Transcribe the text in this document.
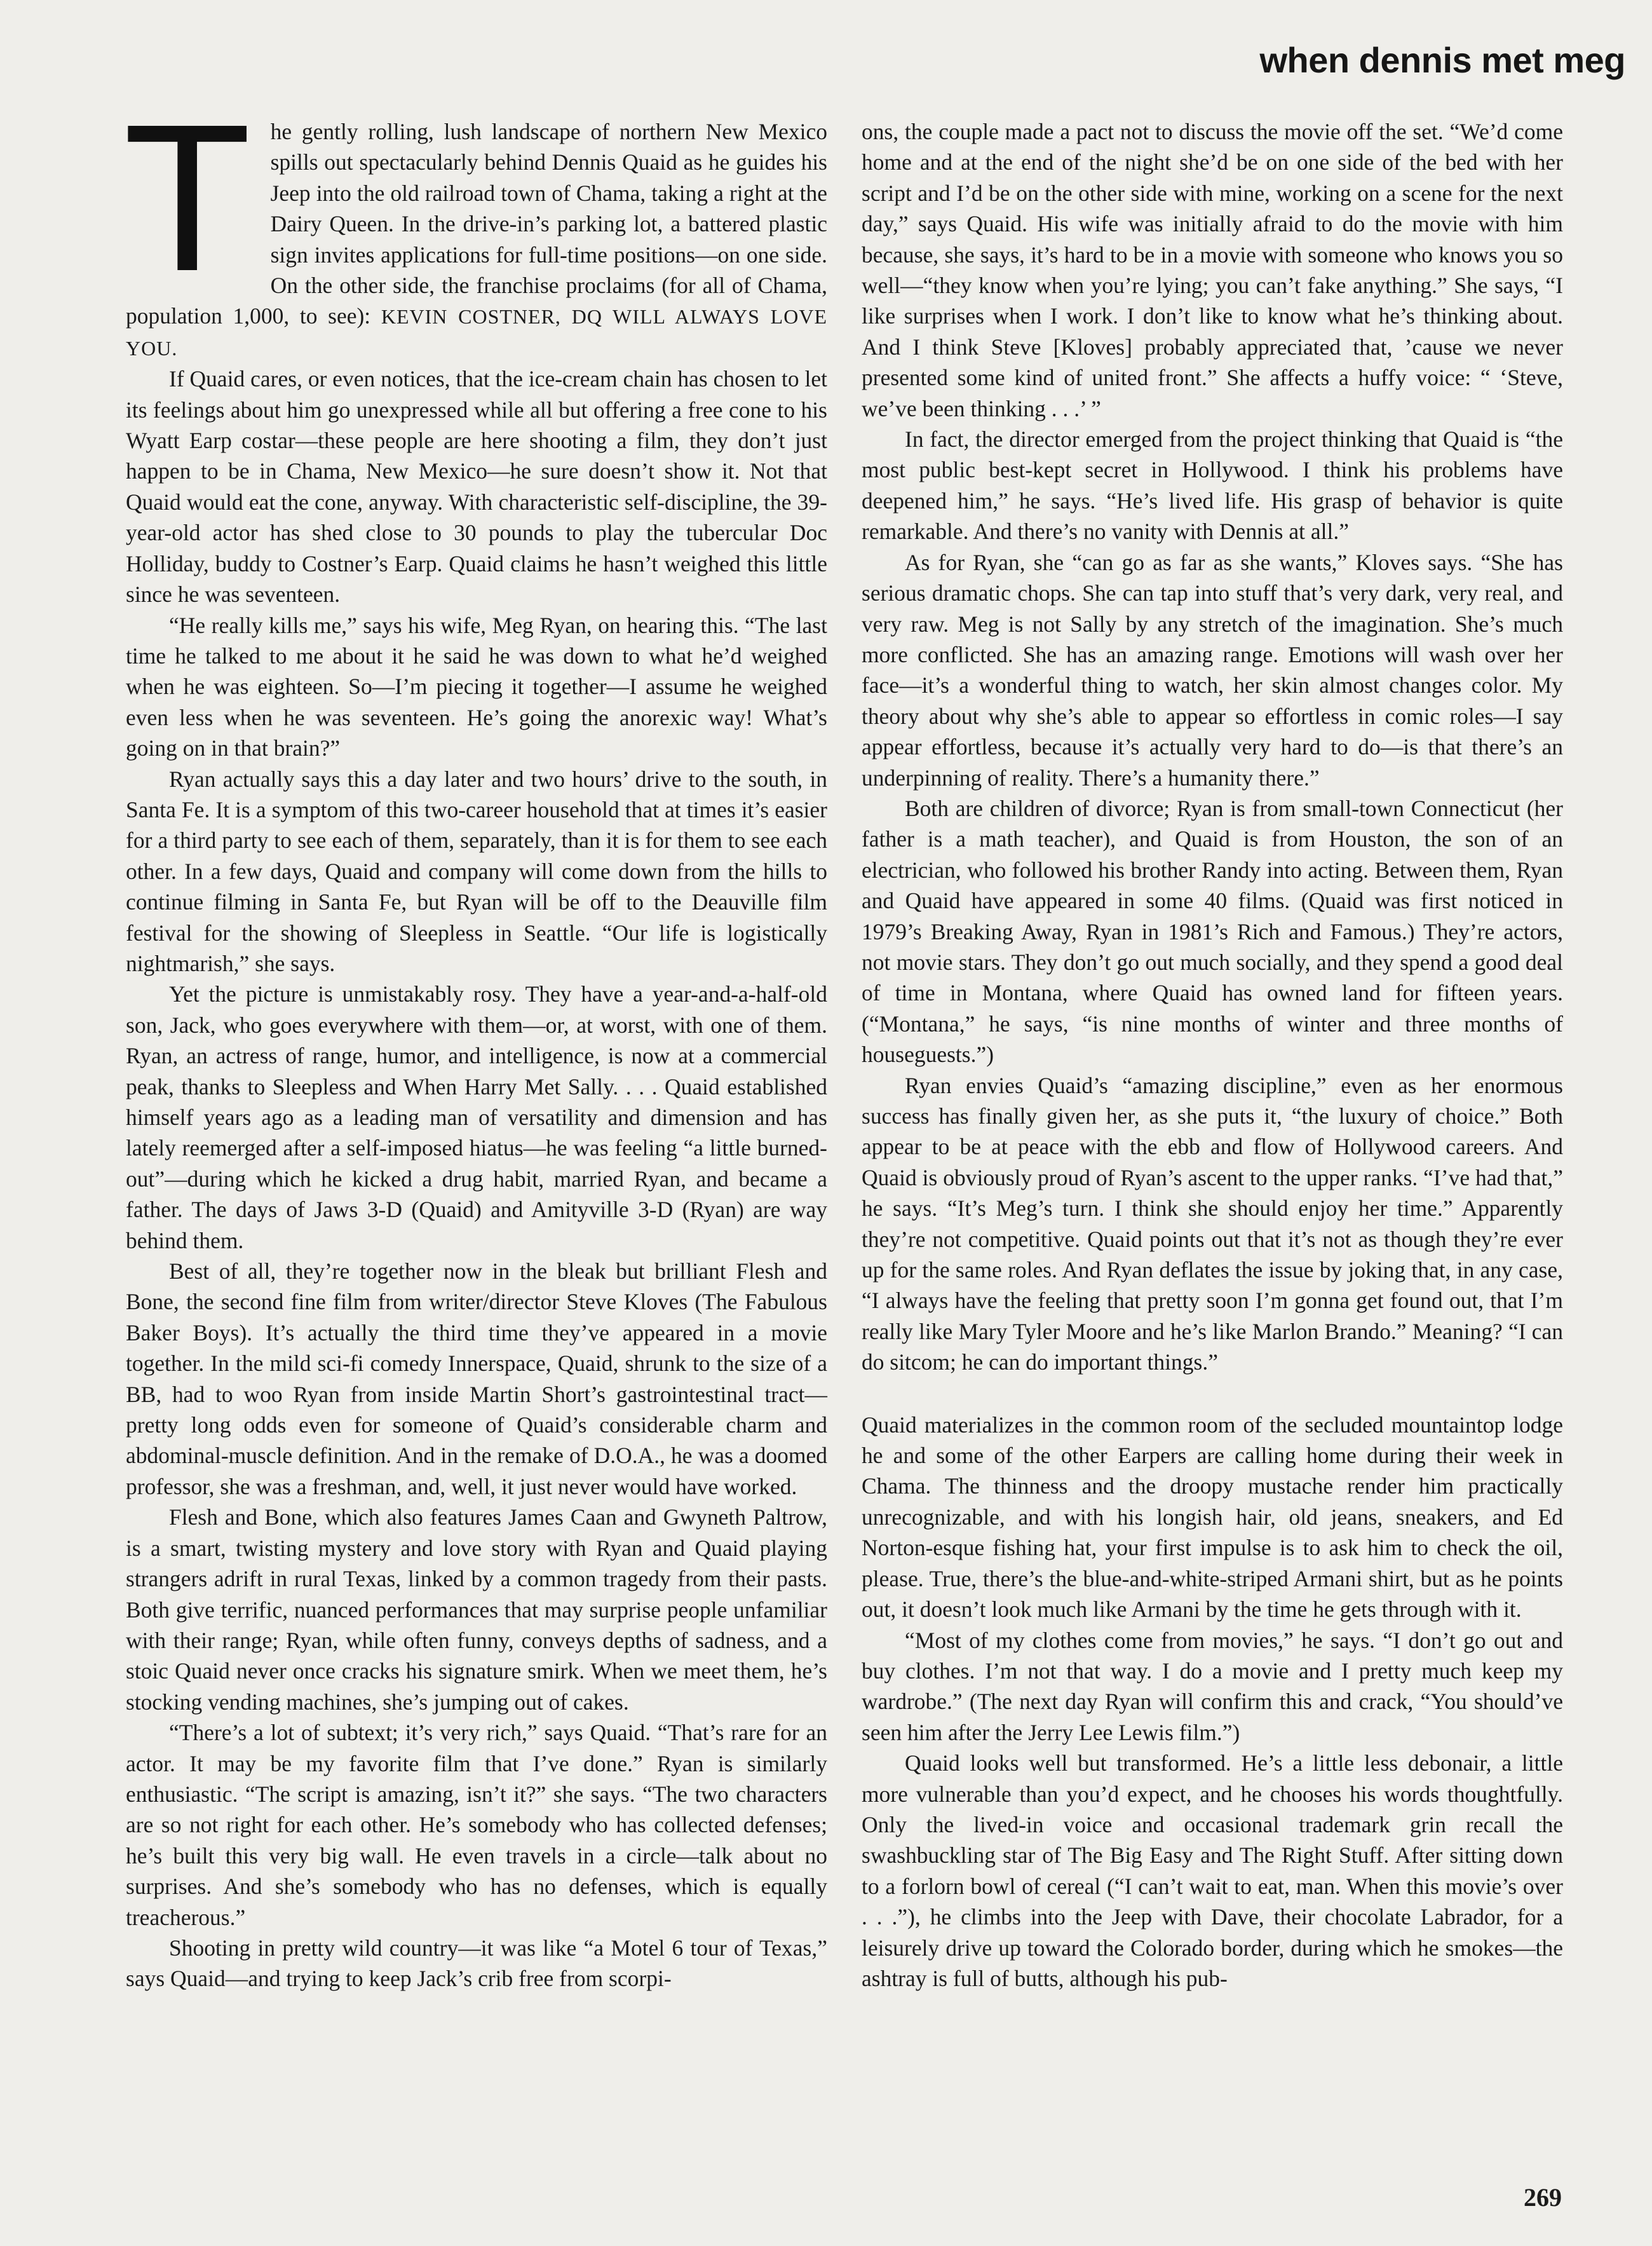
when dennis met meg

The gently rolling, lush landscape of northern New Mexico spills out spectacularly behind Dennis Quaid as he guides his Jeep into the old railroad town of Chama, taking a right at the Dairy Queen. In the drive-in’s parking lot, a battered plastic sign invites applications for full-time positions—on one side. On the other side, the franchise proclaims (for all of Chama, population 1,000, to see): KEVIN COSTNER, DQ WILL ALWAYS LOVE YOU.

If Quaid cares, or even notices, that the ice-cream chain has chosen to let its feelings about him go unexpressed while all but offering a free cone to his Wyatt Earp costar—these people are here shooting a film, they don’t just happen to be in Chama, New Mexico—he sure doesn’t show it. Not that Quaid would eat the cone, anyway. With characteristic self-discipline, the 39-year-old actor has shed close to 30 pounds to play the tubercular Doc Holliday, buddy to Costner’s Earp. Quaid claims he hasn’t weighed this little since he was seventeen.

“He really kills me,” says his wife, Meg Ryan, on hearing this. “The last time he talked to me about it he said he was down to what he’d weighed when he was eighteen. So—I’m piecing it together—I assume he weighed even less when he was seventeen. He’s going the anorexic way! What’s going on in that brain?”

Ryan actually says this a day later and two hours’ drive to the south, in Santa Fe. It is a symptom of this two-career household that at times it’s easier for a third party to see each of them, separately, than it is for them to see each other. In a few days, Quaid and company will come down from the hills to continue filming in Santa Fe, but Ryan will be off to the Deauville film festival for the showing of Sleepless in Seattle. “Our life is logistically nightmarish,” she says.

Yet the picture is unmistakably rosy. They have a year-and-a-half-old son, Jack, who goes everywhere with them—or, at worst, with one of them. Ryan, an actress of range, humor, and intelligence, is now at a commercial peak, thanks to Sleepless and When Harry Met Sally. . . . Quaid established himself years ago as a leading man of versatility and dimension and has lately reemerged after a self-imposed hiatus—he was feeling “a little burned-out”—during which he kicked a drug habit, married Ryan, and became a father. The days of Jaws 3-D (Quaid) and Amityville 3-D (Ryan) are way behind them.

Best of all, they’re together now in the bleak but brilliant Flesh and Bone, the second fine film from writer/director Steve Kloves (The Fabulous Baker Boys). It’s actually the third time they’ve appeared in a movie together. In the mild sci-fi comedy Innerspace, Quaid, shrunk to the size of a BB, had to woo Ryan from inside Martin Short’s gastrointestinal tract—pretty long odds even for someone of Quaid’s considerable charm and abdominal-muscle definition. And in the remake of D.O.A., he was a doomed professor, she was a freshman, and, well, it just never would have worked.

Flesh and Bone, which also features James Caan and Gwyneth Paltrow, is a smart, twisting mystery and love story with Ryan and Quaid playing strangers adrift in rural Texas, linked by a common tragedy from their pasts. Both give terrific, nuanced performances that may surprise people unfamiliar with their range; Ryan, while often funny, conveys depths of sadness, and a stoic Quaid never once cracks his signature smirk. When we meet them, he’s stocking vending machines, she’s jumping out of cakes.

“There’s a lot of subtext; it’s very rich,” says Quaid. “That’s rare for an actor. It may be my favorite film that I’ve done.” Ryan is similarly enthusiastic. “The script is amazing, isn’t it?” she says. “The two characters are so not right for each other. He’s somebody who has collected defenses; he’s built this very big wall. He even travels in a circle—talk about no surprises. And she’s somebody who has no defenses, which is equally treacherous.”

Shooting in pretty wild country—it was like “a Motel 6 tour of Texas,” says Quaid—and trying to keep Jack’s crib free from scorpi-

ons, the couple made a pact not to discuss the movie off the set. “We’d come home and at the end of the night she’d be on one side of the bed with her script and I’d be on the other side with mine, working on a scene for the next day,” says Quaid. His wife was initially afraid to do the movie with him because, she says, it’s hard to be in a movie with someone who knows you so well—“they know when you’re lying; you can’t fake anything.” She says, “I like surprises when I work. I don’t like to know what he’s thinking about. And I think Steve [Kloves] probably appreciated that, ’cause we never presented some kind of united front.” She affects a huffy voice: “ ‘Steve, we’ve been thinking . . .’ ”

In fact, the director emerged from the project thinking that Quaid is “the most public best-kept secret in Hollywood. I think his problems have deepened him,” he says. “He’s lived life. His grasp of behavior is quite remarkable. And there’s no vanity with Dennis at all.”

As for Ryan, she “can go as far as she wants,” Kloves says. “She has serious dramatic chops. She can tap into stuff that’s very dark, very real, and very raw. Meg is not Sally by any stretch of the imagination. She’s much more conflicted. She has an amazing range. Emotions will wash over her face—it’s a wonderful thing to watch, her skin almost changes color. My theory about why she’s able to appear so effortless in comic roles—I say appear effortless, because it’s actually very hard to do—is that there’s an underpinning of reality. There’s a humanity there.”

Both are children of divorce; Ryan is from small-town Connecticut (her father is a math teacher), and Quaid is from Houston, the son of an electrician, who followed his brother Randy into acting. Between them, Ryan and Quaid have appeared in some 40 films. (Quaid was first noticed in 1979’s Breaking Away, Ryan in 1981’s Rich and Famous.) They’re actors, not movie stars. They don’t go out much socially, and they spend a good deal of time in Montana, where Quaid has owned land for fifteen years. (“Montana,” he says, “is nine months of winter and three months of houseguests.”)

Ryan envies Quaid’s “amazing discipline,” even as her enormous success has finally given her, as she puts it, “the luxury of choice.” Both appear to be at peace with the ebb and flow of Hollywood careers. And Quaid is obviously proud of Ryan’s ascent to the upper ranks. “I’ve had that,” he says. “It’s Meg’s turn. I think she should enjoy her time.” Apparently they’re not competitive. Quaid points out that it’s not as though they’re ever up for the same roles. And Ryan deflates the issue by joking that, in any case, “I always have the feeling that pretty soon I’m gonna get found out, that I’m really like Mary Tyler Moore and he’s like Marlon Brando.” Meaning? “I can do sitcom; he can do important things.”

Quaid materializes in the common room of the secluded mountaintop lodge he and some of the other Earpers are calling home during their week in Chama. The thinness and the droopy mustache render him practically unrecognizable, and with his longish hair, old jeans, sneakers, and Ed Norton-esque fishing hat, your first impulse is to ask him to check the oil, please. True, there’s the blue-and-white-striped Armani shirt, but as he points out, it doesn’t look much like Armani by the time he gets through with it.

“Most of my clothes come from movies,” he says. “I don’t go out and buy clothes. I’m not that way. I do a movie and I pretty much keep my wardrobe.” (The next day Ryan will confirm this and crack, “You should’ve seen him after the Jerry Lee Lewis film.”)

Quaid looks well but transformed. He’s a little less debonair, a little more vulnerable than you’d expect, and he chooses his words thoughtfully. Only the lived-in voice and occasional trademark grin recall the swashbuckling star of The Big Easy and The Right Stuff. After sitting down to a forlorn bowl of cereal (“I can’t wait to eat, man. When this movie’s over . . .”), he climbs into the Jeep with Dave, their chocolate Labrador, for a leisurely drive up toward the Colorado border, during which he smokes—the ashtray is full of butts, although his pub-

269
